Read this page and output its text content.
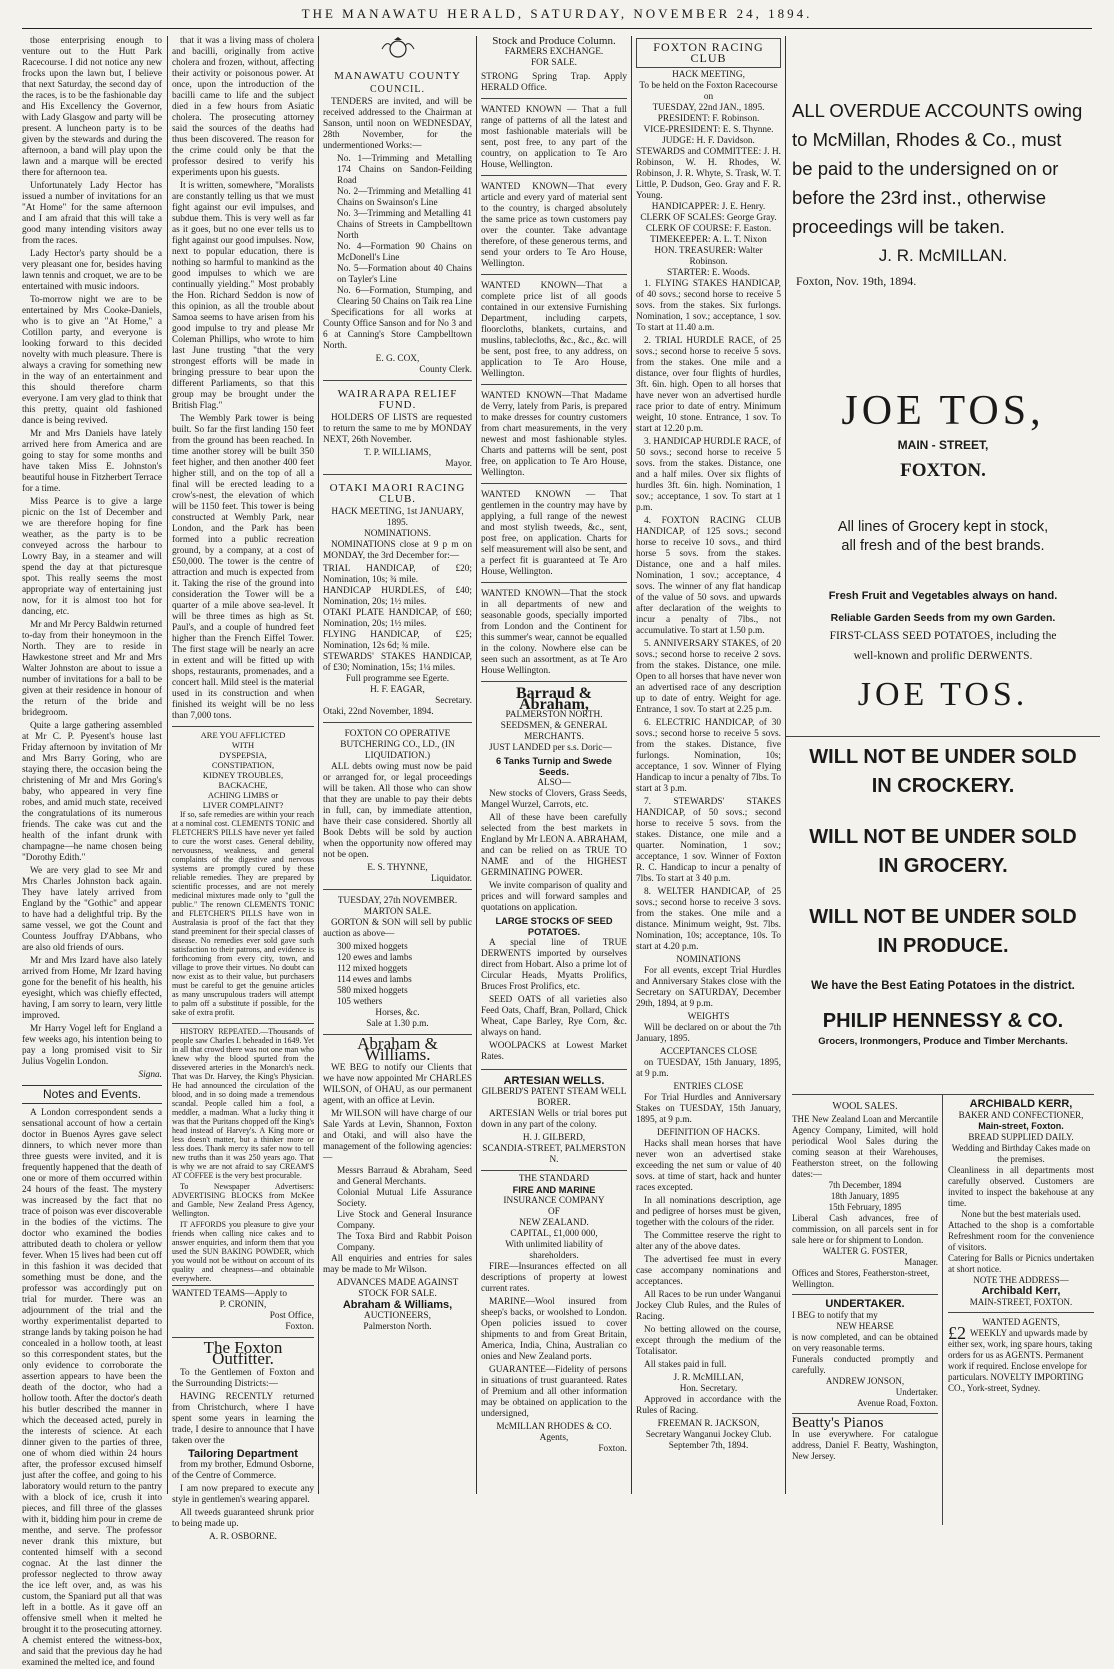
THE MANAWATU HERALD, SATURDAY, NOVEMBER 24, 1894.

those enterprising enough to venture out to the Hutt Park Racecourse. I did not notice any new frocks upon the lawn but, I believe that next Saturday, the second day of the races, is to be the fashionable day and His Excellency the Governor, with Lady Glasgow and party will be present. A luncheon party is to be given by the stewards and during the afternoon, a band will play upon the lawn and a marque will be erected there for afternoon tea.

Unfortunately Lady Hector has issued a number of invitations for an "At Home" for the same afternoon and I am afraid that this will take a good many intending visitors away from the races.

Lady Hector's party should be a very pleasant one for, besides having lawn tennis and croquet, we are to be entertained with music indoors.

To-morrow night we are to be entertained by Mrs Cooke-Daniels, who is to give an "At Home," a Cotillon party, and everyone is looking forward to this decided novelty with much pleasure. There is always a craving for something new in the way of an entertainment and this should therefore charm everyone. I am very glad to think that this pretty, quaint old fashioned dance is being revived.

Mr and Mrs Daniels have lately arrived here from America and are going to stay for some months and have taken Miss E. Johnston's beautiful house in Fitzherbert Terrace for a time.

Miss Pearce is to give a large picnic on the 1st of December and we are therefore hoping for fine weather, as the party is to be conveyed across the harbour to Lowry Bay, in a steamer and will spend the day at that picturesque spot. This really seems the most appropriate way of entertaining just now, for it is almost too hot for dancing, etc.

Mr and Mr Percy Baldwin returned to-day from their honeymoon in the North. They are to reside in Hawkestone street and Mr and Mrs Walter Johnston are about to issue a number of invitations for a ball to be given at their residence in honour of the return of the bride and bridegroom.

Quite a large gathering assembled at Mr C. P. Pyesent's house last Friday afternoon by invitation of Mr and Mrs Barry Goring, who are staying there, the occasion being the christening of Mr and Mrs Goring's baby, who appeared in very fine robes, and amid much state, received the congratulations of its numerous friends. The cake was cut and the health of the infant drunk with champagne—he name chosen being "Dorothy Edith."

We are very glad to see Mr and Mrs Charles Johnston back again. They have lately arrived from England by the "Gothic" and appear to have had a delightful trip. By the same vessel, we got the Count and Countess Jouffray D'Abbans, who are also old friends of ours.

Mr and Mrs Izard have also lately arrived from Home, Mr Izard having gone for the benefit of his health, his eyesight, which was chiefly effected, having, I am sorry to learn, very little improved.

Mr Harry Vogel left for England a few weeks ago, his intention being to pay a long promised visit to Sir Julius Vogelin London.

Signa.
Notes and Events.

A London correspondent sends a sensational account of how a certain doctor in Buenos Ayres gave select dinners, to which never more than three guests were invited, and it is frequently happened that the death of one or more of them occurred within 24 hours of the feast. The mystery was increased by the fact that no trace of poison was ever discoverable in the bodies of the victims. The doctor who examined the bodies attributed death to cholera or yellow fever. When 15 lives had been cut off in this fashion it was decided that something must be done, and the professor was accordingly put on trial for murder. There was an adjournment of the trial and the worthy experimentalist departed to strange lands by taking poison he had concealed in a hollow tooth, at least so this correspondent states, but the only evidence to corroborate the assertion appears to have been the death of the doctor, who had a hollow tooth. After the doctor's death his butler described the manner in which the deceased acted, purely in the interests of science. At each dinner given to the parties of three, one of whom died within 24 hours after, the professor excused himself just after the coffee, and going to his laboratory would return to the pantry with a block of ice, crush it into pieces, and fill three of the glasses with it, bidding him pour in creme de menthe, and serve. The professor never drank this mixture, but contented himself with a second cognac. At the last dinner the professor neglected to throw away the ice left over, and, as was his custom, the Spaniard put all that was left in a bottle. As it gave off an offensive smell when it melted he brought it to the prosecuting attorney. A chemist entered the witness-box, and said that the previous day he had examined the melted ice, and found

that it was a living mass of cholera and bacilli, originally from active cholera and frozen, without, affecting their activity or poisonous power. At once, upon the introduction of the bacilli came to life and the subject died in a few hours from Asiatic cholera. The prosecuting attorney said the sources of the deaths had thus been discovered. The reason for the crime could only be that the professor desired to verify his experiments upon his guests.

It is written, somewhere, "Moralists are constantly telling us that we must fight against our evil impulses, and subdue them. This is very well as far as it goes, but no one ever tells us to fight against our good impulses. Now, next to popular education, there is nothing so harmful to mankind as the good impulses to which we are continually yielding." Most probably the Hon. Richard Seddon is now of this opinion, as all the trouble about Samoa seems to have arisen from his good impulse to try and please Mr Coleman Phillips, who wrote to him last June trusting "that the very strongest efforts will be made in bringing pressure to bear upon the different Parliaments, so that this group may be brought under the British Flag."

The Wembly Park tower is being built. So far the first landing 150 feet from the ground has been reached. In time another storey will be built 350 feet higher, and then another 400 feet higher still, and on the top of all a final will be erected leading to a crow's-nest, the elevation of which will be 1150 feet. This tower is being constructed at Wembly Park, near London, and the Park has been formed into a public recreation ground, by a company, at a cost of £50,000. The tower is the centre of attraction and much is expected from it. Taking the rise of the ground into consideration the Tower will be a quarter of a mile above sea-level. It will be three times as high as St. Paul's, and a couple of hundred feet higher than the French Eiffel Tower. The first stage will be nearly an acre in extent and will be fitted up with shops, restaurants, promenades, and a concert hall. Mild steel is the material used in its construction and when finished its weight will be no less than 7,000 tons.

ARE YOU AFFLICTED
WITH
DYSPEPSIA,
CONSTIPATION,
KIDNEY TROUBLES,
BACKACHE,
ACHING LIMBS or
LIVER COMPLAINT?

If so, safe remedies are within your reach at a nominal cost. CLEMENTS TONIC and FLETCHER'S PILLS have never yet failed to cure the worst cases. General debility, nervousness, weakness, and general complaints of the digestive and nervous systems are promptly cured by these reliable remedies. They are prepared by scientific processes, and are not merely medicinal mixtures made only to "gull the public." The renown CLEMENTS TONIC and FLETCHER'S PILLS have won in Australasia is proof of the fact that they stand preeminent for their special classes of disease. No remedies ever sold gave such satisfaction to their patrons, and evidence is forthcoming from every city, town, and village to prove their virtues. No doubt can now exist as to their value, but purchasers must be careful to get the genuine articles as many unscrupulous traders will attempt to palm off a substitute if possible, for the sake of extra profit.

HISTORY REPEATED.—Thousands of people saw Charles I. beheaded in 1649. Yet in all that crowd there was not one man who knew why the blood spurted from the dissevered arteries in the Monarch's neck. That was Dr. Harvey, the King's Physician. He had announced the circulation of the blood, and in so doing made a tremendous scandal. People called him a fool, a meddler, a madman. What a lucky thing it was that the Puritans chopped off the King's head instead of Harvey's. A King more or less doesn't matter, but a thinker more or less does. Thank mercy its safer now to tell new truths than it was 250 years ago. That is why we are not afraid to say CREAM'S AT COFFEE is the very best procurable.

To Newspaper Advertisers: ADVERTISING BLOCKS from McKee and Gamble, New Zealand Press Agency, Wellington.

IT AFFORDS you pleasure to give your friends when calling nice cakes and to answer enquiries, and inform them that you used the SUN BAKING POWDER, which you would not be without on account of its quality and cheapness—and obtainable everywhere.

WANTED TEAMS—Apply to
P. CRONIN,
Post Office,
Foxton.
The Foxton Outfitter.

To the Gentlemen of Foxton and the Surrounding Districts:—

HAVING RECENTLY returned from Christchurch, where I have spent some years in learning the trade, I desire to announce that I have taken over the

Tailoring Department

from my brother, Edmund Osborne, of the Centre of Commerce.

I am now prepared to execute any style in gentlemen's wearing apparel.

All tweeds guaranteed shrunk prior to being made up.

A. R. OSBORNE.
MANAWATU COUNTY
COUNCIL.

TENDERS are invited, and will be received addressed to the Chairman at Sanson, until noon on WEDNESDAY, 28th November, for the undermentioned Works:—

No. 1—Trimming and Metalling 174 Chains on Sandon-Feilding Road
No. 2—Trimming and Metalling 41 Chains on Swainson's Line
No. 3—Trimming and Metalling 41 Chains of Streets in Campbelltown North
No. 4—Formation 90 Chains on McDonell's Line
No. 5—Formation about 40 Chains on Tayler's Line
No. 6—Formation, Stumping, and Clearing 50 Chains on Taik rea Line

Specifications for all works at County Office Sanson and for No 3 and 6 at Canning's Store Campbelltown North.

E. G. COX,
County Clerk.
WAIRARAPA RELIEF FUND.

HOLDERS OF LISTS are requested to return the same to me by MONDAY NEXT, 26th November.

T. P. WILLIAMS,
Mayor.
OTAKI MAORI RACING CLUB.
HACK MEETING, 1st JANUARY, 1895.
NOMINATIONS.

NOMINATIONS close at 9 p m on MONDAY, the 3rd December for:—

TRIAL HANDICAP, of £20; Nomination, 10s; ¾ mile.
HANDICAP HURDLES, of £40; Nomination, 20s; 1½ miles.
OTAKI PLATE HANDICAP, of £60; Nomination, 20s; 1½ miles.
FLYING HANDICAP, of £25; Nomination, 12s 6d; ¾ mile.
STEWARDS' STAKES HANDICAP, of £30; Nomination, 15s; 1¼ miles.
Full programme see Egerte.
H. F. EAGAR,
Secretary.
Otaki, 22nd November, 1894.
FOXTON CO OPERATIVE BUTCHERING CO., LD., (IN LIQUIDATION.)

ALL debts owing must now be paid or arranged for, or legal proceedings will be taken. All those who can show that they are unable to pay their debts in full, can, by immediate attention, have their case considered. Shortly all Book Debts will be sold by auction when the opportunity now offered may not be open.

E. S. THYNNE,
Liquidator.
TUESDAY, 27th NOVEMBER.
MARTON SALE.

GORTON & SON will sell by public auction as above—

300 mixed hoggets
120 ewes and lambs
112 mixed hoggets
114 ewes and lambs
580 mixed hoggets
105 wethers
Horses, &c.
Sale at 1.30 p.m.
Abraham & Williams.

WE BEG to notify our Clients that we have now appointed Mr CHARLES WILSON, of OHAU, as our permanent agent, with an office at Levin.

Mr WILSON will have charge of our Sale Yards at Levin, Shannon, Foxton and Otaki, and will also have the management of the following agencies:—

Messrs Barraud & Abraham, Seed and General Merchants.
Colonial Mutual Life Assurance Society.
Live Stock and General Insurance Company.
The Toxa Bird and Rabbit Poison Company.

All enquiries and entries for sales may be made to Mr Wilson.

ADVANCES MADE AGAINST STOCK FOR SALE.
Abraham & Williams,
AUCTIONEERS,
Palmerston North.
Stock and Produce Column.
FARMERS EXCHANGE.
FOR SALE.
STRONG Spring Trap. Apply HERALD Office.
WANTED KNOWN — That a full range of patterns of all the latest and most fashionable materials will be sent, post free, to any part of the country, on application to Te Aro House, Wellington.
WANTED KNOWN—That every article and every yard of material sent to the country, is charged absolutely the same price as town customers pay over the counter. Take advantage therefore, of these generous terms, and send your orders to Te Aro House, Wellington.
WANTED KNOWN—That a complete price list of all goods contained in our extensive Furnishing Department, including carpets, floorcloths, blankets, curtains, and muslins, tablecloths, &c., &c., &c. will be sent, post free, to any address, on application to Te Aro House, Wellington.
WANTED KNOWN—That Madame de Verry, lately from Paris, is prepared to make dresses for country customers from chart measurements, in the very newest and most fashionable styles. Charts and patterns will be sent, post free, on application to Te Aro House, Wellington.
WANTED KNOWN — That gentlemen in the country may have by applying, a full range of the newest and most stylish tweeds, &c., sent, post free, on application. Charts for self measurement will also be sent, and a perfect fit is guaranteed at Te Aro House, Wellington.
WANTED KNOWN—That the stock in all departments of new and seasonable goods, specially imported from London and the Continent for this summer's wear, cannot be equalled in the colony. Nowhere else can be seen such an assortment, as at Te Aro House Wellington.
Barraud & Abraham,
PALMERSTON NORTH.
SEEDSMEN, & GENERAL MERCHANTS.

JUST LANDED per s.s. Doric—

6 Tanks Turnip and Swede Seeds.
ALSO—

New stocks of Clovers, Grass Seeds, Mangel Wurzel, Carrots, etc.

All of these have been carefully selected from the best markets in England by Mr LEON A. ABRAHAM, and can be relied on as TRUE TO NAME and of the HIGHEST GERMINATING POWER.

We invite comparison of quality and prices and will forward samples and quotations on application.

LARGE STOCKS OF SEED POTATOES.

A special line of TRUE DERWENTS imported by ourselves direct from Hobart. Also a prime lot of Circular Heads, Myatts Prolifics, Bruces Frost Prolifics, etc.

SEED OATS of all varieties also Feed Oats, Chaff, Bran, Pollard, Chick Wheat, Cape Barley, Rye Corn, &c. always on hand.

WOOLPACKS at Lowest Market Rates.

ARTESIAN WELLS.
GILBERD'S PATENT STEAM WELL BORER.

ARTESIAN Wells or trial bores put down in any part of the colony.

H. J. GILBERD,
SCANDIA-STREET, PALMERSTON N.
THE STANDARD
FIRE AND MARINE
INSURANCE COMPANY
OF
NEW ZEALAND.
CAPITAL, £1,000 000,
With unlimited liability of shareholders.

FIRE—Insurances effected on all descriptions of property at lowest current rates.

MARINE—Wool insured from sheep's backs, or woolshed to London. Open policies issued to cover shipments to and from Great Britain, America, India, China, Australian co onies and New Zealand ports.

GUARANTEE—Fidelity of persons in situations of trust guaranteed. Rates of Premium and all other information may be obtained on application to the undersigned,

McMILLAN RHODES & CO.
Agents,
Foxton.
FOXTON RACING CLUB
HACK MEETING,
To be held on the Foxton Racecourse on
TUESDAY, 22nd JAN., 1895.
PRESIDENT: F. Robinson.
VICE-PRESIDENT: E. S. Thynne.
JUDGE: H. F. Davidson.
STEWARDS and COMMITTEE: J. H. Robinson, W. H. Rhodes, W. Robinson, J. R. Whyte, S. Trask, W. T. Little, P. Dudson, Geo. Gray and F. R. Young.
HANDICAPPER: J. E. Henry.
CLERK OF SCALES: George Gray.
CLERK OF COURSE: F. Easton.
TIMEKEEPER: A. L. T. Nixon
HON. TREASURER: Walter Robinson.
STARTER: E. Woods.

1. FLYING STAKES HANDICAP, of 40 sovs.; second horse to receive 5 sovs. from the stakes. Six furlongs. Nomination, 1 sov.; acceptance, 1 sov. To start at 11.40 a.m.

2. TRIAL HURDLE RACE, of 25 sovs.; second horse to receive 5 sovs. from the stakes. One mile and a distance, over four flights of hurdles, 3ft. 6in. high. Open to all horses that have never won an advertised hurdle race prior to date of entry. Minimum weight, 10 stone. Entrance, 1 sov. To start at 12.20 p.m.

3. HANDICAP HURDLE RACE, of 50 sovs.; second horse to receive 5 sovs. from the stakes. Distance, one and a half miles. Over six flights of hurdles 3ft. 6in. high. Nomination, 1 sov.; acceptance, 1 sov. To start at 1 p.m.

4. FOXTON RACING CLUB HANDICAP, of 125 sovs.; second horse to receive 10 sovs., and third horse 5 sovs. from the stakes. Distance, one and a half miles. Nomination, 1 sov.; acceptance, 4 sovs. The winner of any flat handicap of the value of 50 sovs. and upwards after declaration of the weights to incur a penalty of 7lbs., not accumulative. To start at 1.50 p.m.

5. ANNIVERSARY STAKES, of 20 sovs.; second horse to receive 2 sovs. from the stakes. Distance, one mile. Open to all horses that have never won an advertised race of any description up to date of entry. Weight for age. Entrance, 1 sov. To start at 2.25 p.m.

6. ELECTRIC HANDICAP, of 30 sovs.; second horse to receive 5 sovs. from the stakes. Distance, five furlongs. Nomination, 10s; acceptance, 1 sov. Winner of Flying Handicap to incur a penalty of 7lbs. To start at 3 p.m.

7. STEWARDS' STAKES HANDICAP, of 50 sovs.; second horse to receive 5 sovs. from the stakes. Distance, one mile and a quarter. Nomination, 1 sov.; acceptance, 1 sov. Winner of Foxton R. C. Handicap to incur a penalty of 7lbs. To start at 3 40 p.m.

8. WELTER HANDICAP, of 25 sovs.; second horse to receive 3 sovs. from the stakes. One mile and a distance. Minimum weight, 9st. 7lbs. Nomination, 10s; acceptance, 10s. To start at 4.20 p.m.

NOMINATIONS

For all events, except Trial Hurdles and Anniversary Stakes close with the Secretary on SATURDAY, December 29th, 1894, at 9 p.m.

WEIGHTS

Will be declared on or about the 7th January, 1895.

ACCEPTANCES CLOSE

on TUESDAY, 15th January, 1895, at 9 p.m.

ENTRIES CLOSE

For Trial Hurdles and Anniversary Stakes on TUESDAY, 15th January, 1895, at 9 p.m.

DEFINITION OF HACKS.

Hacks shall mean horses that have never won an advertised stake exceeding the net sum or value of 40 sovs. at time of start, hack and hunter races excepted.

In all nominations description, age and pedigree of horses must be given, together with the colours of the rider.

The Committee reserve the right to alter any of the above dates.

The advertised fee must in every case accompany nominations and acceptances.

All Races to be run under Wanganui Jockey Club Rules, and the Rules of Racing.

No betting allowed on the course, except through the medium of the Totalisator.

All stakes paid in full.

J. R. McMILLAN,
Hon. Secretary.

Approved in accordance with the Rules of Racing.

FREEMAN R. JACKSON,
Secretary Wanganui Jockey Club.
September 7th, 1894.
ALL OVERDUE ACCOUNTS owing
to McMillan, Rhodes & Co., must
be paid to the undersigned on or
before the 23rd inst., otherwise
proceedings will be taken.
J. R. McMILLAN.
Foxton, Nov. 19th, 1894.
JOE TOS,
MAIN - STREET,
FOXTON.
All lines of Grocery kept in stock,
all fresh and of the best brands.
Fresh Fruit and Vegetables always on hand.
Reliable Garden Seeds from my own Garden.
FIRST-CLASS SEED POTATOES, including the
well-known and prolific DERWENTS.
JOE TOS.
WILL NOT BE UNDER SOLD
IN CROCKERY.
WILL NOT BE UNDER SOLD
IN GROCERY.
WILL NOT BE UNDER SOLD
IN PRODUCE.
We have the Best Eating Potatoes in the district.
PHILIP HENNESSY & CO.
Grocers, Ironmongers, Produce and Timber Merchants.
WOOL SALES.
THE New Zealand Loan and Mercantile Agency Company, Limited, will hold periodical Wool Sales during the coming season at their Warehouses, Featherston street, on the following dates:—
7th December, 1894
18th January, 1895
15th February, 1895
Liberal Cash advances, free of commission, on all parcels sent in for sale here or for shipment to London.
WALTER G. FOSTER,
Manager.
Offices and Stores, Featherston-street, Wellington.
UNDERTAKER.
I BEG to notify that my
NEW HEARSE
is now completed, and can be obtained on very reasonable terms.
Funerals conducted promptly and carefully.
ANDREW JONSON,
Undertaker.
Avenue Road, Foxton.
Beatty's Pianos
In use everywhere. For catalogue address, Daniel F. Beatty, Washington, New Jersey.
ARCHIBALD KERR,
BAKER AND CONFECTIONER,
Main-street, Foxton.
BREAD SUPPLIED DAILY.
Wedding and Birthday Cakes made on the premises.
Cleanliness in all departments most carefully observed. Customers are invited to inspect the bakehouse at any time.
None but the best materials used.
Attached to the shop is a comfortable Refreshment room for the convenience of visitors.
Catering for Balls or Picnics undertaken at short notice.
NOTE THE ADDRESS—
Archibald Kerr,
MAIN-STREET, FOXTON.
WANTED AGENTS,
£2 WEEKLY and upwards made by either sex, work, ing spare hours, taking orders for us as AGENTS. Permanent work if required. Enclose envelope for particulars. NOVELTY IMPORTING CO., York-street, Sydney.
